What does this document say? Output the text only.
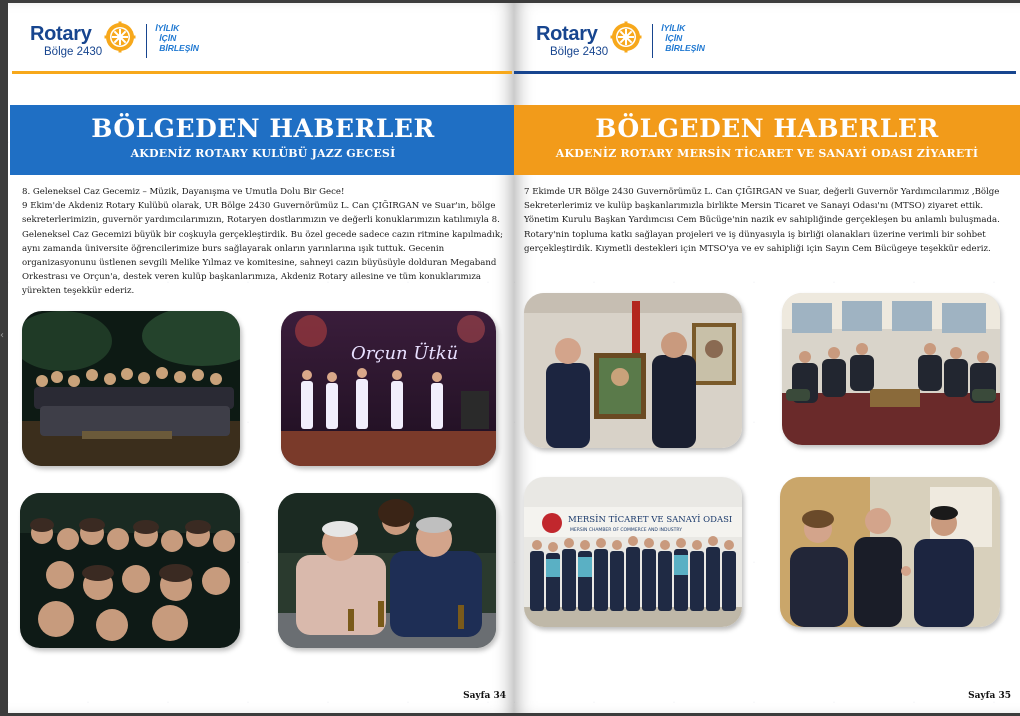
‹
Rotary
Bölge 2430
İYİLİK
İÇİN
BİRLEŞİN
BÖLGEDEN HABERLER
AKDENİZ ROTARY KULÜBÜ JAZZ GECESİ

8. Geleneksel Caz Gecemiz – Müzik, Dayanışma ve Umutla Dolu Bir Gece!

9 Ekim'de Akdeniz Rotary Kulübü olarak, UR Bölge 2430 Guvernörümüz L. Can ÇIĞIRGAN ve Suar'ın, bölge sekreterlerimizin, guvernör yardımcılarımızın, Rotaryen dostlarımızın ve değerli konuklarımızın katılımıyla 8. Geleneksel Caz Gecemizi büyük bir coşkuyla gerçekleştirdik. Bu özel gecede sadece cazın ritmine kapılmadık; aynı zamanda üniversite öğrencilerimize burs sağlayarak onların yarınlarına ışık tuttuk. Gecenin organizasyonunu üstlenen sevgili Melike Yılmaz ve komitesine, sahneyi cazın büyüsüyle dolduran Megaband Orkestrası ve Orçun'a, destek veren kulüp başkanlarımıza, Akdeniz Rotary ailesine ve tüm konuklarımıza yürekten teşekkür ederiz.

Orçun Ütkü
Sayfa 34
Rotary
Bölge 2430
İYİLİK
İÇİN
BİRLEŞİN
BÖLGEDEN HABERLER
AKDENİZ ROTARY MERSİN TİCARET VE SANAYİ ODASI ZİYARETİ

7 Ekimde UR Bölge 2430 Guvernörümüz L. Can ÇIĞIRGAN ve Suar, değerli Guvernör Yardımcılarımız ,Bölge Sekreterlerimiz ve kulüp başkanlarımızla birlikte Mersin Ticaret ve Sanayi Odası'nı (MTSO) ziyaret ettik. Yönetim Kurulu Başkan Yardımcısı Cem Bücüge'nin nazik ev sahipliğinde gerçekleşen bu anlamlı buluşmada. Rotary'nin topluma katkı sağlayan projeleri ve iş dünyasıyla iş birliği olanakları üzerine verimli bir sohbet gerçekleştirdik. Kıymetli destekleri için MTSO'ya ve ev sahipliği için Sayın Cem Bücügeye teşekkür ederiz.

MERSİN TİCARET VE SANAYİ ODASI
MERSIN CHAMBER OF COMMERCE AND INDUSTRY
Sayfa 35
